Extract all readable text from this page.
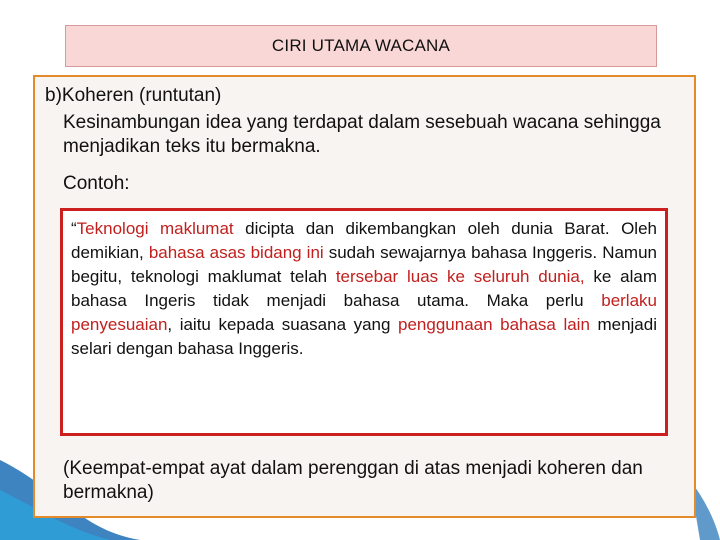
CIRI UTAMA WACANA
b)Koheren (runtutan)
Kesinambungan idea yang terdapat dalam sesebuah wacana sehingga menjadikan teks itu bermakna.
Contoh:
“Teknologi maklumat dicipta dan dikembangkan oleh dunia Barat. Oleh demikian, bahasa asas bidang ini sudah sewajarnya bahasa Inggeris. Namun begitu, teknologi maklumat telah tersebar luas ke seluruh dunia, ke alam bahasa Ingeris tidak menjadi bahasa utama. Maka perlu berlaku penyesuaian, iaitu kepada suasana yang penggunaan bahasa lain menjadi selari dengan bahasa Inggeris.
(Keempat-empat ayat dalam perenggan di atas menjadi koheren dan bermakna)
